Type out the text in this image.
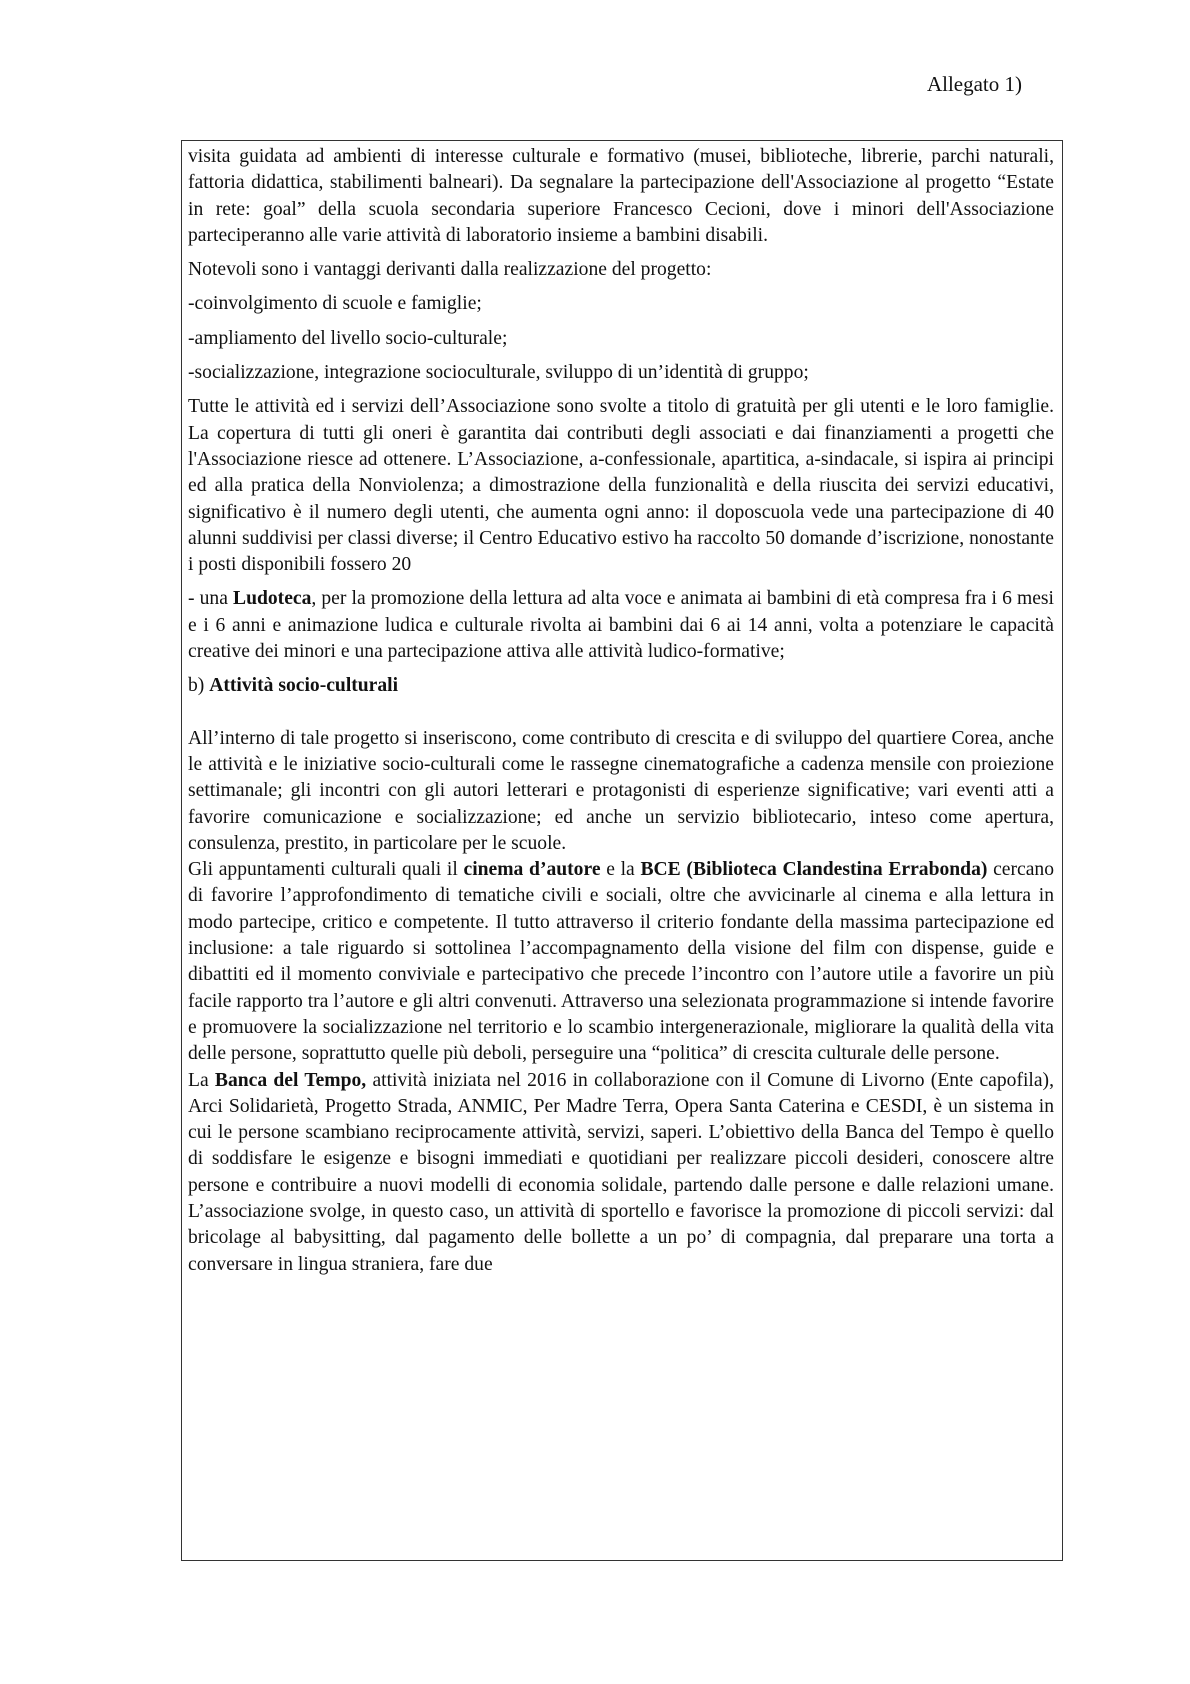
Allegato 1)

visita guidata ad ambienti di interesse culturale e formativo (musei, biblioteche, librerie, parchi naturali, fattoria didattica, stabilimenti balneari). Da segnalare la partecipazione dell'Associazione al progetto “Estate in rete: goal” della scuola secondaria superiore Francesco Cecioni, dove i minori dell'Associazione parteciperanno alle varie attività di laboratorio insieme a bambini disabili.

Notevoli sono i vantaggi derivanti dalla realizzazione del progetto:

-coinvolgimento di scuole e famiglie;

-ampliamento del livello socio-culturale;

-socializzazione, integrazione socioculturale, sviluppo di un’identità di gruppo;

Tutte le attività ed i servizi dell’Associazione sono svolte a titolo di gratuità per gli utenti e le loro famiglie. La copertura di tutti gli oneri è garantita dai contributi degli associati e dai finanziamenti a progetti che l'Associazione riesce ad ottenere. L’Associazione, a-confessionale, apartitica, a-sindacale, si ispira ai principi ed alla pratica della Nonviolenza; a dimostrazione della funzionalità e della riuscita dei servizi educativi, significativo è il numero degli utenti, che aumenta ogni anno: il doposcuola vede una partecipazione di 40 alunni suddivisi per classi diverse; il Centro Educativo estivo ha raccolto 50 domande d’iscrizione, nonostante i posti disponibili fossero 20

- una Ludoteca, per la promozione della lettura ad alta voce e animata ai bambini di età compresa fra i 6 mesi e i 6 anni e animazione ludica e culturale rivolta ai bambini dai 6 ai 14 anni, volta a potenziare le capacità creative dei minori e una partecipazione attiva alle attività ludico-formative;

b) Attività socio-culturali

All’interno di tale progetto si inseriscono, come contributo di crescita e di sviluppo del quartiere Corea, anche le attività e le iniziative socio-culturali come le rassegne cinematografiche a cadenza mensile con proiezione settimanale; gli incontri con gli autori letterari e protagonisti di esperienze significative; vari eventi atti a favorire comunicazione e socializzazione; ed anche un servizio bibliotecario, inteso come apertura, consulenza, prestito, in particolare per le scuole.

Gli appuntamenti culturali quali il cinema d’autore e la BCE (Biblioteca Clandestina Errabonda) cercano di favorire l’approfondimento di tematiche civili e sociali, oltre che avvicinarle al cinema e alla lettura in modo partecipe, critico e competente. Il tutto attraverso il criterio fondante della massima partecipazione ed inclusione: a tale riguardo si sottolinea l’accompagnamento della visione del film con dispense, guide e dibattiti ed il momento conviviale e partecipativo che precede l’incontro con l’autore utile a favorire un più facile rapporto tra l’autore e gli altri convenuti. Attraverso una selezionata programmazione si intende favorire e promuovere la socializzazione nel territorio e lo scambio intergenerazionale, migliorare la qualità della vita delle persone, soprattutto quelle più deboli, perseguire una “politica” di crescita culturale delle persone.

La Banca del Tempo, attività iniziata nel 2016 in collaborazione con il Comune di Livorno (Ente capofila), Arci Solidarietà, Progetto Strada, ANMIC, Per Madre Terra, Opera Santa Caterina e CESDI, è un sistema in cui le persone scambiano reciprocamente attività, servizi, saperi. L’obiettivo della Banca del Tempo è quello di soddisfare le esigenze e bisogni immediati e quotidiani per realizzare piccoli desideri, conoscere altre persone e contribuire a nuovi modelli di economia solidale, partendo dalle persone e dalle relazioni umane. L’associazione svolge, in questo caso, un attività di sportello e favorisce la promozione di piccoli servizi: dal bricolage al babysitting, dal pagamento delle bollette a un po’ di compagnia, dal preparare una torta a conversare in lingua straniera, fare due
